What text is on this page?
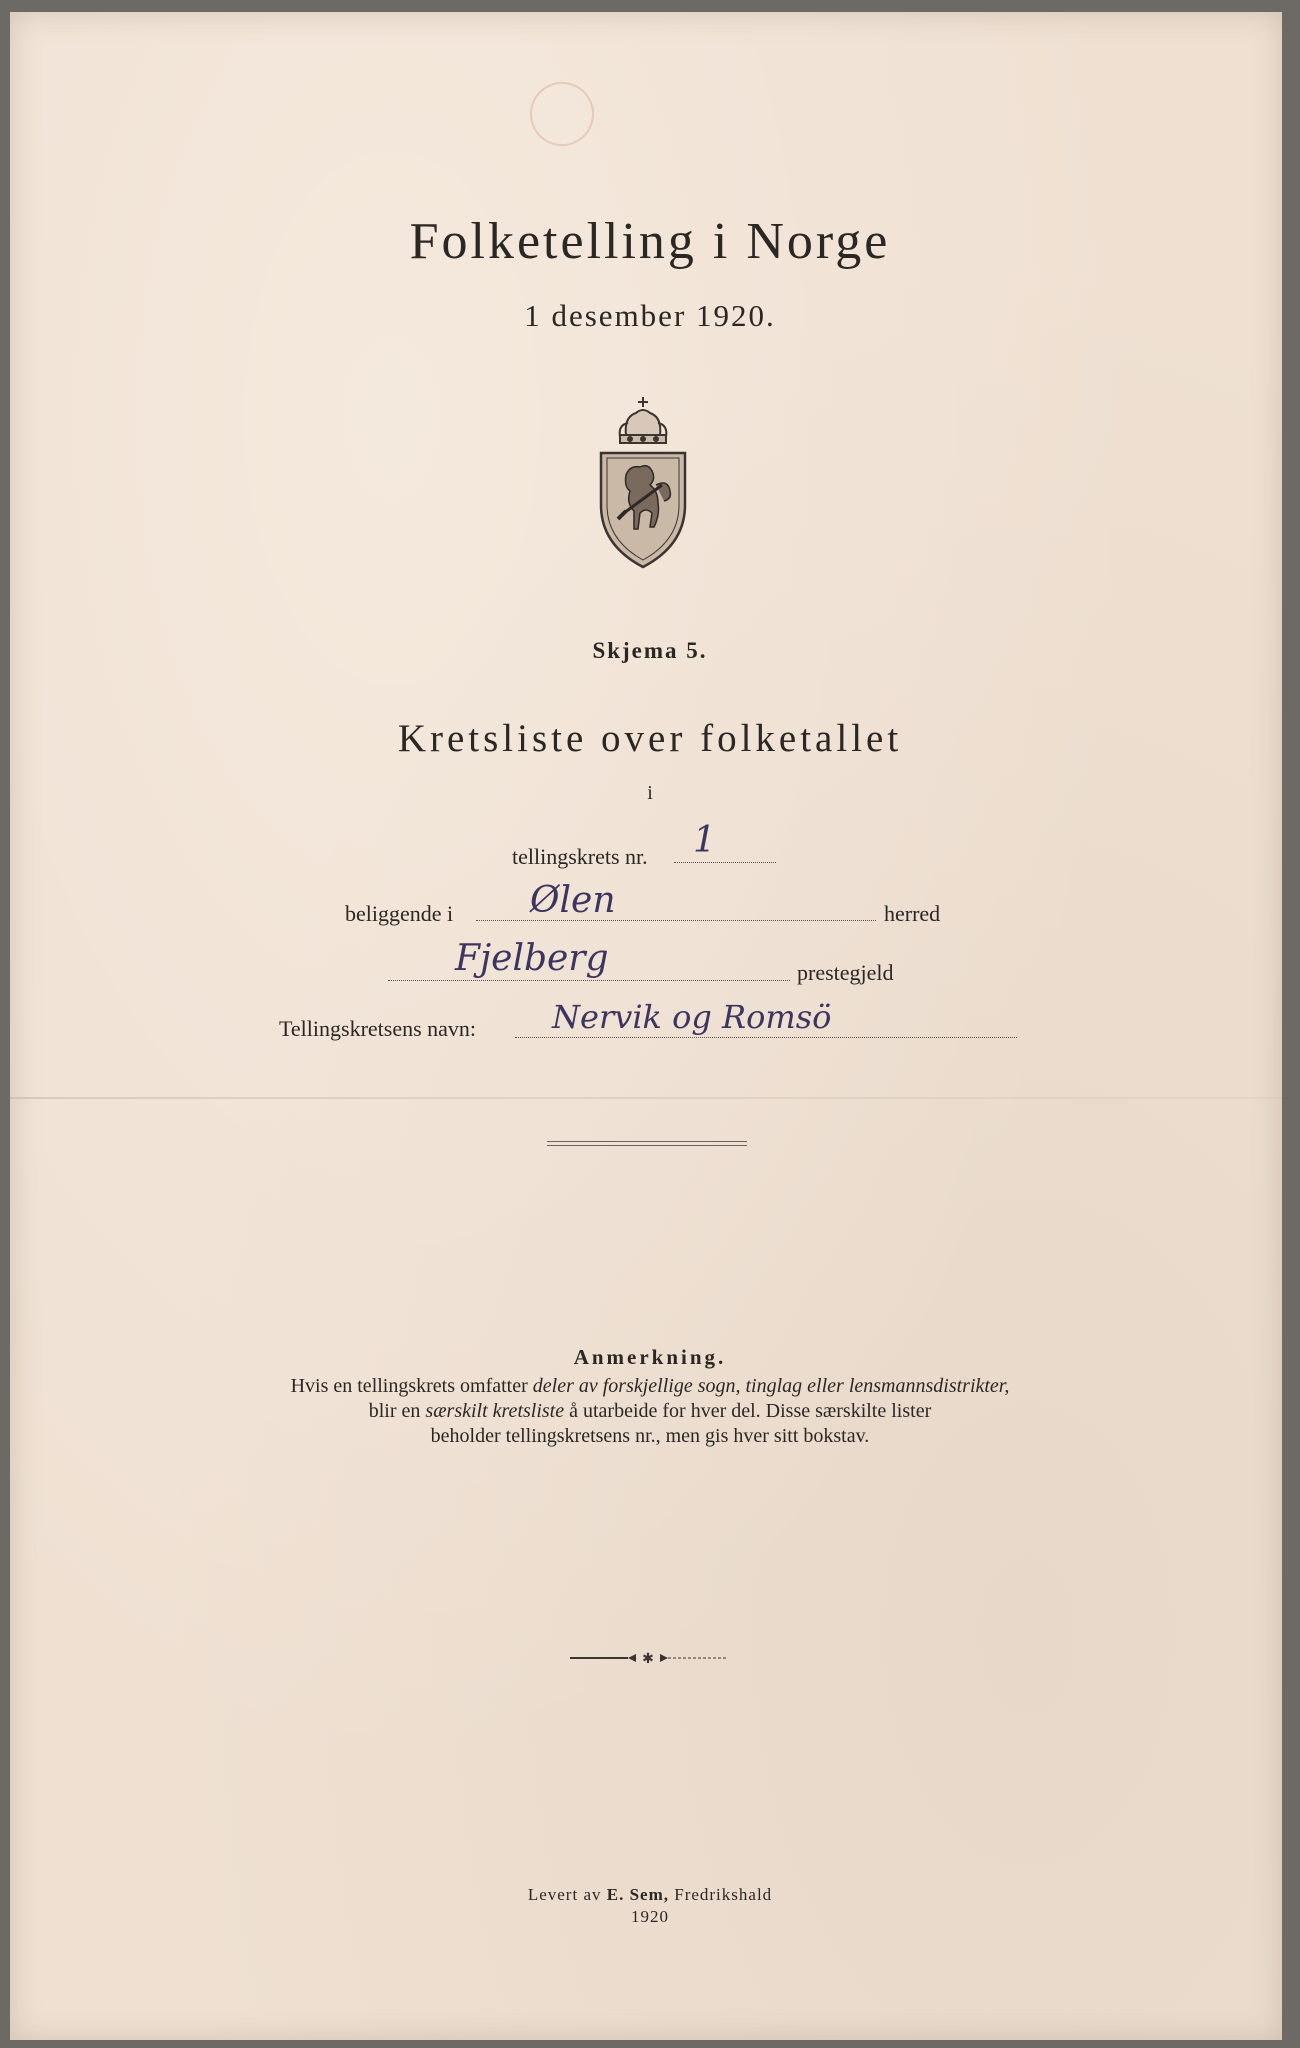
Folketelling i Norge
1 desember 1920.
Skjema 5.
Kretsliste over folketallet
i
tellingskrets nr. 1
beliggende i Ølen	herred
Fjelberg	prestegjeld
Tellingskretsens navn: Nervik og Romsö
Anmerkning.
Hvis en tellingskrets omfatter deler av forskjellige sogn, tinglag eller lensmannsdistrikter,
blir en særskilt kretsliste å utarbeide for hver del. Disse særskilte lister
beholder tellingskretsens nr., men gis hver sitt bokstav.
✱
Levert av E. Sem, Fredrikshald
1920
